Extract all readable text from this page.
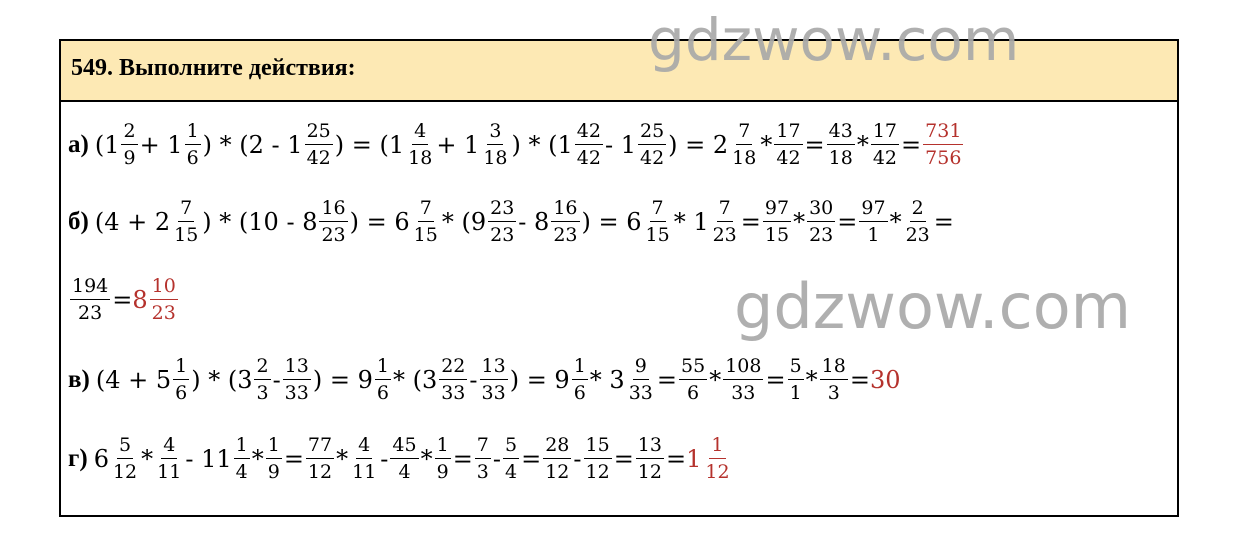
549. Выполните действия:	gdzwow.com
gdzwow.com
а) ($1 \frac{2}{9} + 1 \frac{1}{6}$ ) * ($2 - 1 \frac{25}{42}$ ) = ($1 \frac{4}{18} + 1 \frac{3}{18}$ ) * ($1 \frac{42}{42} - 1 \frac{25}{42}$ ) = $2 \frac{7}{18} * \frac{17}{42} = \frac{43}{18} * \frac{17}{42} = \frac{731}{756}$
б) ($4 + 2 \frac{7}{15}$ ) * ($10 - 8 \frac{16}{23}$ ) = $6 \frac{7}{15} * (9 \frac{23}{23} - 8 \frac{16}{23}$ ) = $6 \frac{7}{15} * 1 \frac{7}{23} = \frac{97}{15} * \frac{30}{23} = \frac{97}{1} * \frac{2}{23}$ =
$\frac{194}{23} = 8 \frac{10}{23}$
в) ($4 + 5 \frac{1}{6}$ ) * ($3 \frac{2}{3} - \frac{13}{33}$ ) = $9 \frac{1}{6} * (3 \frac{22}{33} - \frac{13}{33}$ ) = $9 \frac{1}{6} * 3 \frac{9}{33} = \frac{55}{6} * \frac{108}{33} = \frac{5}{1} * \frac{18}{3} = 30$
г) $6 \frac{5}{12} * \frac{4}{11} - 11 \frac{1}{4} * \frac{1}{9} = \frac{77}{12} * \frac{4}{11} - \frac{45}{4} * \frac{1}{9} = \frac{7}{3} - \frac{5}{4} = \frac{28}{12} - \frac{15}{12} = \frac{13}{12} = 1 \frac{1}{12}$
